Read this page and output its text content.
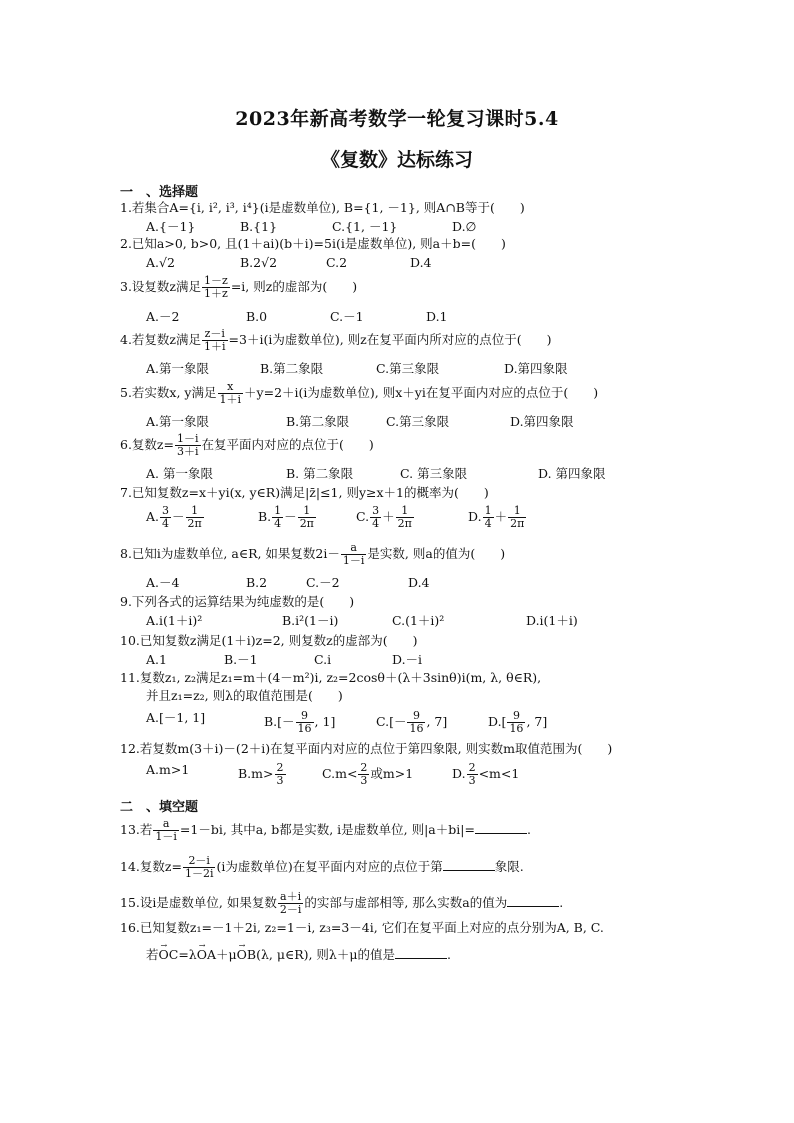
2023年新高考数学一轮复习课时5.4
《复数》达标练习
一　、选择题
1.若集合A={i, i², i³, i⁴}(i是虚数单位), B={1, －1}, 则A∩B等于(　　)
A.{－1}	B.{1}	C.{1, －1}	D.∅
2.已知a>0, b>0, 且(1＋ai)(b＋i)=5i(i是虚数单位), 则a＋b=(　　)
A.√2	B.2√2	C.2	D.4
3.设复数z满足 $\frac{1-z}{1+z} =i$, 则z的虚部为(　　)
A.－2	B.0	C.－1	D.1
4.若复数z满足 $\frac{z-i}{1+i} =3+i(i$为虚数单位), 则z在复平面内所对应的点位于(　　)
A.第一象限	B.第二象限	C.第三象限	D.第四象限
5.若实数x, y满足 $\frac{x}{1+i} +y=2+i(i$为虚数单位), 则x＋yi在复平面内对应的点位于(　　)
A.第一象限	B.第二象限	C.第三象限	D.第四象限
6.复数$z= \frac{1-i}{3+i}$ 在复平面内对应的点位于(　　)
A. 第一象限	B. 第二象限	C. 第三象限	D. 第四象限
7.已知复数z=x＋yi(x, y∈R)满足|z̄|≤1, 则y≥x＋1的概率为(　　)
A. $\frac{3}{4} - \frac{1}{2\pi}$	B. $\frac{1}{4} - \frac{1}{2\pi}$	C. $\frac{3}{4} + \frac{1}{2\pi}$	D. $\frac{1}{4} + \frac{1}{2\pi}$
8.已知i为虚数单位, a∈R, 如果复数$2i- \frac{a}{1-i}$ 是实数, 则a的值为(　　)
A.－4	B.2	C.－2	D.4
9.下列各式的运算结果为纯虚数的是(　　)
A.i(1＋i)²	B.i²(1－i)	C.(1＋i)²	D.i(1＋i)
10.已知复数z满足(1＋i)z=2, 则复数z的虚部为(　　)
A.1	B.－1	C.i	D.－i
11.复数z₁, z₂满足z₁=m＋(4－m²)i, z₂=2cosθ＋(λ＋3sinθ)i(m, λ, θ∈R),
并且z₁=z₂, 则λ的取值范围是(　　)
A.[－1, 1]	$B.[- \frac{9}{16}$ , 1]	$C.[- \frac{9}{16}$ , 7]	$D.[ \frac{9}{16}$ , 7]
12.若复数m(3＋i)－(2＋i)在复平面内对应的点位于第四象限, 则实数m取值范围为(　　)
A.m>1	$B.m> \frac{2}{3}$	$C.m< \frac{2}{3}$ 或m>1	D. $\frac{2}{3} <m<1$
二　、填空题
13.若 $\frac{a}{1-i} =1-bi$, 其中a, b都是实数, i是虚数单位, 则|a＋bi|=	.
14.复数$z= \frac{2-i}{1-2i} (i$为虚数单位)在复平面内对应的点位于第	象限.
15.设i是虚数单位, 如果复数 $\frac{a+i}{2-i}$ 的实部与虚部相等, 那么实数a的值为	.
16.已知复数z₁=－1＋2i, z₂=1－i, z₃=3－4i, 它们在复平面上对应的点分别为A, B, C.
若→ OC=λ→ OA＋μ→ OB(λ, μ∈R), 则λ＋μ的值是	.
